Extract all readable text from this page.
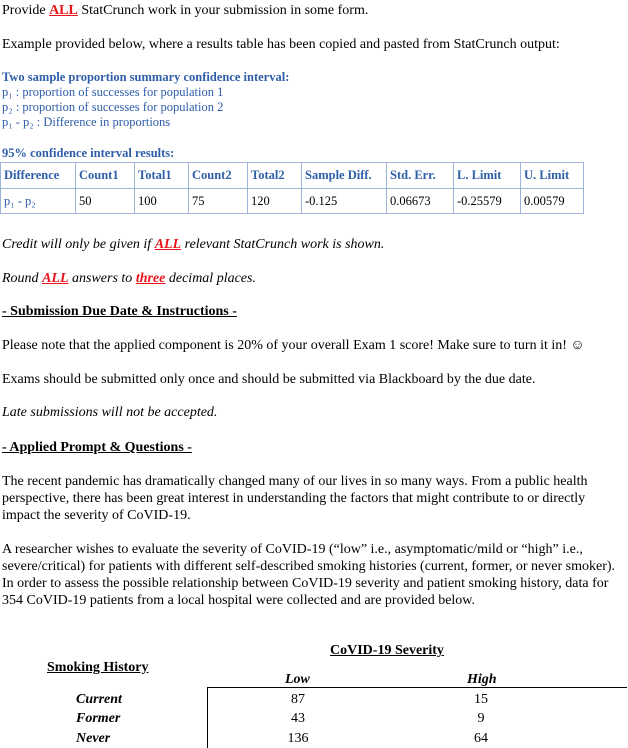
Provide ALL StatCrunch work in your submission in some form.
Example provided below, where a results table has been copied and pasted from StatCrunch output:
Two sample proportion summary confidence interval:
p₁ : proportion of successes for population 1
p₂ : proportion of successes for population 2
p₁ - p₂ : Difference in proportions
95% confidence interval results:
Difference	Count1	Total1	Count2	Total2	Sample Diff.	Std. Err.	L. Limit	U. Limit
p₁ - p₂	50	100	75	120	-0.125	0.06673	-0.25579	0.00579
Credit will only be given if ALL relevant StatCrunch work is shown.
Round ALL answers to three decimal places.
- Submission Due Date & Instructions -
Please note that the applied component is 20% of your overall Exam 1 score! Make sure to turn it in! ☺
Exams should be submitted only once and should be submitted via Blackboard by the due date.
Late submissions will not be accepted.
- Applied Prompt & Questions -
The recent pandemic has dramatically changed many of our lives in so many ways. From a public health perspective, there has been great interest in understanding the factors that might contribute to or directly impact the severity of CoVID-19.
A researcher wishes to evaluate the severity of CoVID-19 (“low” i.e., asymptomatic/mild or “high” i.e., severe/critical) for patients with different self-described smoking histories (current, former, or never smoker). In order to assess the possible relationship between CoVID-19 severity and patient smoking history, data for 354 CoVID-19 patients from a local hospital were collected and are provided below.
CoVID-19 Severity
Smoking History
Low	High
Current	87	15
Former	43	9
Never	136	64
